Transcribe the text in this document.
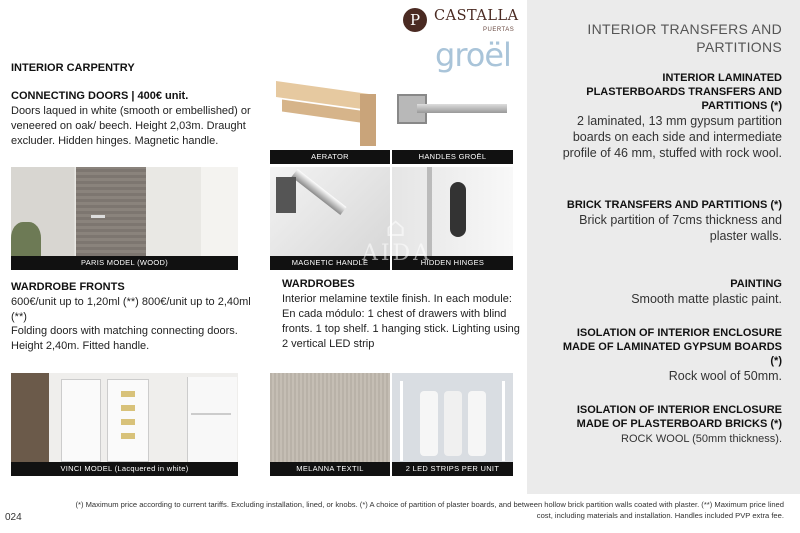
P CASTALLA
PUERTAS
groël
INTERIOR CARPENTRY
CONNECTING DOORS | 400€ unit.
Doors laqued in white (smooth or embellished) or veneered on oak/ beech. Height 2,03m. Draught excluder. Hidden hinges. Magnetic handle.
PARIS MODEL (WOOD)
WARDROBE FRONTS
600€/unit up to 1,20ml (**) 800€/unit up to 2,40ml (**)
Folding doors with matching connecting doors. Height 2,40m. Fitted handle.
VINCI MODEL (Lacquered in white)
AERATOR	HANDLES GROËL
MAGNETIC HANDLE	HIDDEN HINGES
⌂
AIDA
WARDROBES
Interior melamine textile finish. In each module: En cada módulo: 1 chest of drawers with blind fronts. 1 top shelf. 1 hanging stick. Lighting using 2 vertical LED strip
MELANNA TEXTIL	2 LED STRIPS PER UNIT
INTERIOR TRANSFERS AND PARTITIONS
INTERIOR LAMINATED PLASTERBOARDS TRANSFERS AND PARTITIONS (*)
2 laminated, 13 mm gypsum partition boards on each side and intermediate profile of 46 mm, stuffed with rock wool.
BRICK TRANSFERS AND PARTITIONS (*)
Brick partition of 7cms thickness and plaster walls.
PAINTING
Smooth matte plastic paint.
ISOLATION OF INTERIOR ENCLOSURE MADE OF LAMINATED GYPSUM BOARDS (*)
Rock wool of 50mm.
ISOLATION OF INTERIOR ENCLOSURE MADE OF PLASTERBOARD BRICKS (*)
ROCK WOOL (50mm thickness).
(*) Maximum price according to current tariffs. Excluding installation, lined, or knobs. (*) A choice of partition of plaster boards, and between hollow brick partition walls coated with plaster. (**) Maximum price lined cost, including materials and installation. Handles included PVP extra fee.
024
